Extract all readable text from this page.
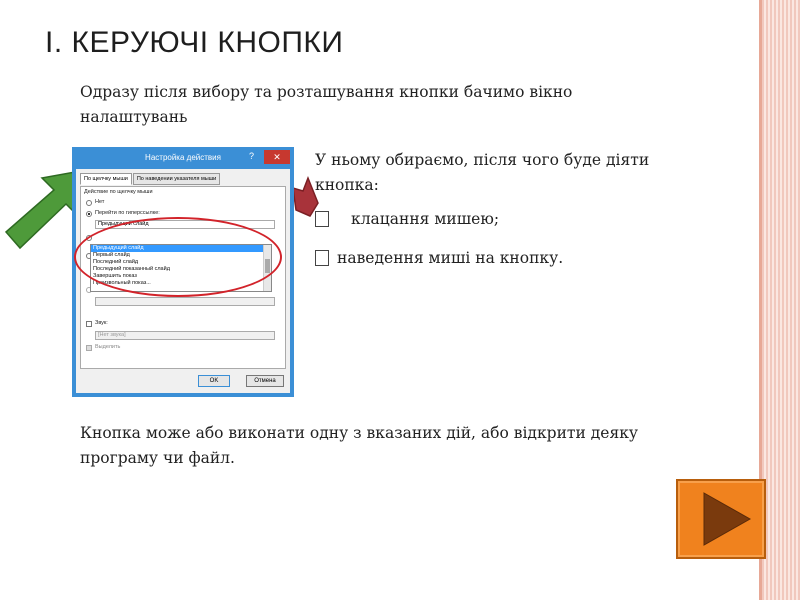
І. КЕРУЮЧІ КНОПКИ
Одразу після вибору та розташування кнопки бачимо вікно налаштувань
У ньому обираємо, після чого буде діяти кнопка:
клацання мишею;
наведення миші на кнопку.
Настройка действия	?	✕
По щелчку мыши	По наведении указателя мыши
Действие по щелчку мыши
Нет
Перейти по гиперссылке:
Предыдущий слайд
Звук:
[Нет звука]
Выделить
Предыдущий слайд
Первый слайд
Последний слайд
Последний показанный слайд
Завершить показ
Произвольный показ...
OK	Отмена
Кнопка може або виконати одну з вказаних дій, або відкрити деяку програму чи файл.
